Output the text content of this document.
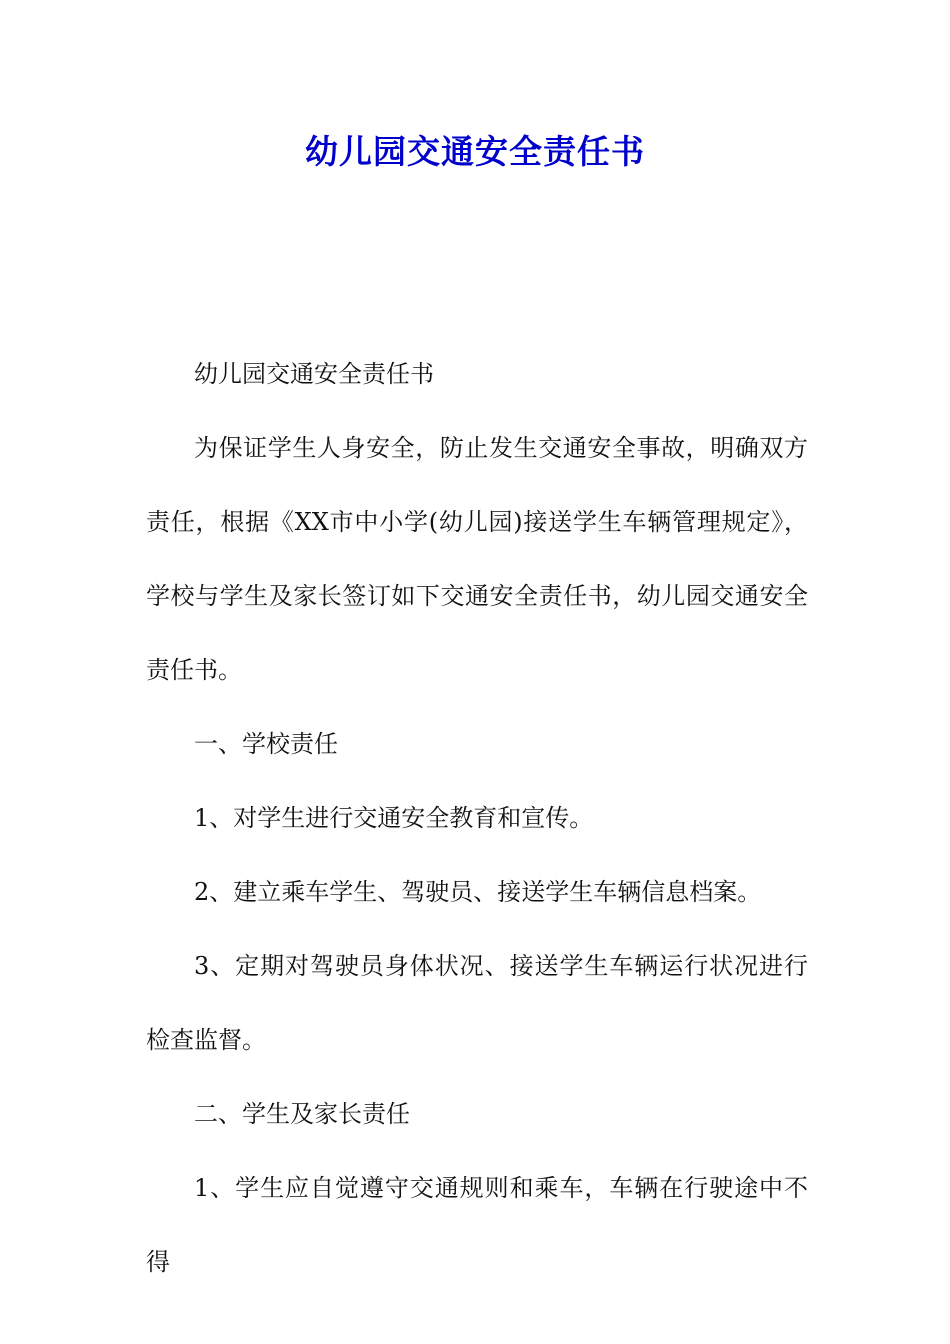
幼儿园交通安全责任书

幼儿园交通安全责任书

为保证学生人身安全，防止发生交通安全事故，明确双方责任，根据《XX市中小学(幼儿园)接送学生车辆管理规定》，学校与学生及家长签订如下交通安全责任书，幼儿园交通安全责任书。

一、学校责任

1、对学生进行交通安全教育和宣传。

2、建立乘车学生、驾驶员、接送学生车辆信息档案。

3、定期对驾驶员身体状况、接送学生车辆运行状况进行检查监督。

二、学生及家长责任

1、学生应自觉遵守交通规则和乘车，车辆在行驶途中不得
